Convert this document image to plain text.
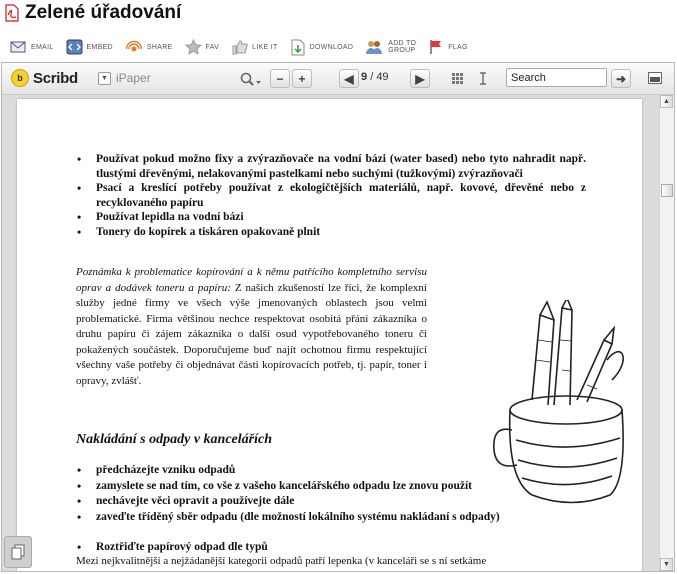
Zelené úřadování
EMAIL	EMBED	SHARE	FAV	LIKE IT	DOWNLOAD	ADD TO
GROUP	FLAG
b Scribd	▼ iPaper	−	+	◀ 9 / 49 ▶
Search	➜
• Používat pokud možno fixy a zvýrazňovače na vodní bázi (water based) nebo tyto nahradit např. tlustými dřevěnými, nelakovanými pastelkami nebo suchými (tužkovými) zvýrazňovači
• Psací a kreslící potřeby používat z ekologičtějších materiálů, např. kovové, dřevěné nebo z recyklovaného papíru
• Používat lepidla na vodní bázi
• Tonery do kopírek a tiskáren opakovaně plnit
Poznámka k problematice kopírování a k němu patřícího kompletního servisu oprav a dodávek toneru a papíru: Z našich zkušeností lze říci, že komplexní služby jedné firmy ve všech výše jmenovaných oblastech jsou velmi problematické. Firma většinou nechce respektovat osobitá přání zákazníka o druhu papíru či zájem zákazníka o další osud vypotřebovaného toneru či pokažených součástek. Doporučujeme buď najít ochotnou firmu respektující všechny vaše potřeby či objednávat části kopírovacích potřeb, tj. papír, toner i opravy, zvlášť.
Nakládání s odpady v kancelářích
• předcházejte vzniku odpadů
• zamyslete se nad tím, co vše z vašeho kancelářského odpadu lze znovu použít
• nechávejte věci opravit a používejte dále
• zaveďte tříděný sběr odpadu (dle možností lokálního systému nakládaní s odpady)
• Roztřiďte papírový odpad dle typů
Mezi nejkvalitnější a nejžádanější kategorii odpadů patří lepenka (v kanceláři se s ní setkáme
▲
▼
